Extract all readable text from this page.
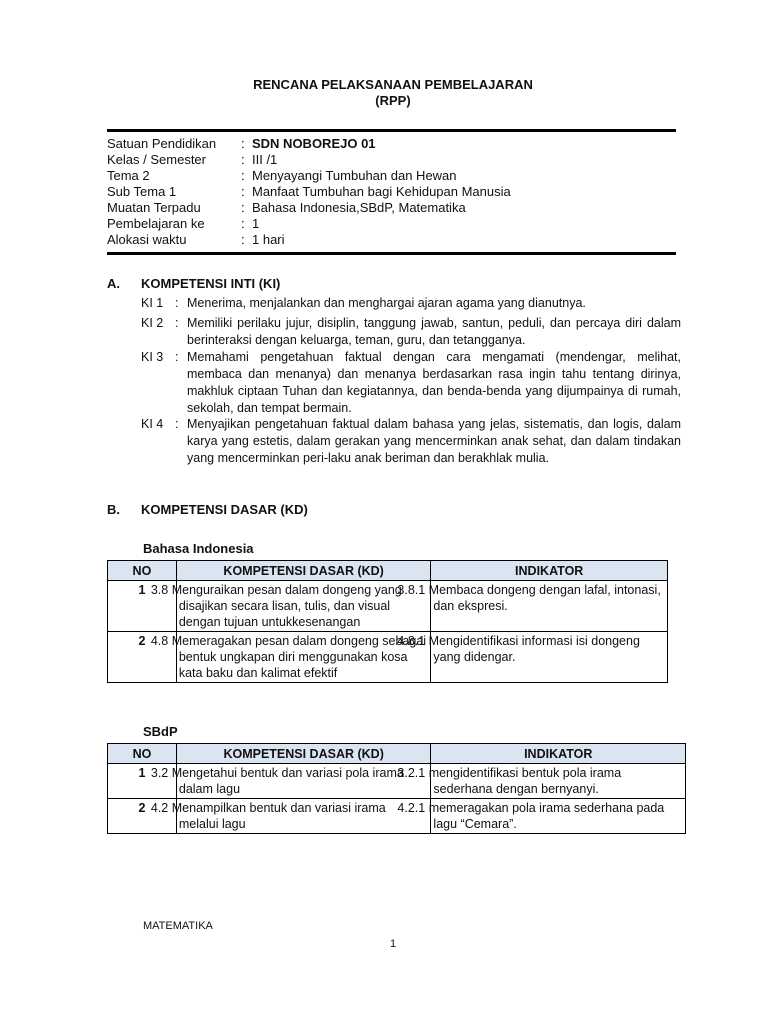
RENCANA PELAKSANAAN PEMBELAJARAN
(RPP)
Satuan Pendidikan : SDN NOBOREJO 01
Kelas / Semester	: III /1
Tema 2	: Menyayangi Tumbuhan dan Hewan
Sub Tema 1	: Manfaat Tumbuhan bagi Kehidupan Manusia
Muatan Terpadu	: Bahasa Indonesia,SBdP, Matematika
Pembelajaran ke	: 1
Alokasi waktu	: 1 hari
A. KOMPETENSI INTI (KI)
KI 1 : Menerima, menjalankan dan menghargai ajaran agama yang dianutnya.
KI 2 : Memiliki perilaku jujur, disiplin, tanggung jawab, santun, peduli, dan percaya diri dalam berinteraksi dengan keluarga, teman, guru, dan tetangganya.
KI 3 : Memahami pengetahuan faktual dengan cara mengamati (mendengar, melihat, membaca dan menanya) dan menanya berdasarkan rasa ingin tahu tentang dirinya, makhluk ciptaan Tuhan dan kegiatannya, dan benda-benda yang dijumpainya di rumah, sekolah, dan tempat bermain.
KI 4 : Menyajikan pengetahuan faktual dalam bahasa yang jelas, sistematis, dan logis, dalam karya yang estetis, dalam gerakan yang mencerminkan anak sehat, dan dalam tindakan yang mencerminkan peri-laku anak beriman dan berakhlak mulia.
B. KOMPETENSI DASAR (KD)
Bahasa Indonesia
NO	KOMPETENSI DASAR (KD)	INDIKATOR
1	3.8 Menguraikan pesan dalam dongeng yang disajikan secara lisan, tulis, dan visual dengan tujuan untukkesenangan	3.8.1 Membaca dongeng dengan lafal, intonasi, dan ekspresi.
2	4.8 Memeragakan pesan dalam dongeng sebagai bentuk ungkapan diri menggunakan kosa kata baku dan kalimat efektif	4.8.1 Mengidentifikasi informasi isi dongeng yang didengar.
SBdP
NO	KOMPETENSI DASAR (KD)	INDIKATOR
1	3.2 Mengetahui bentuk dan variasi pola irama dalam lagu	3.2.1 mengidentifikasi bentuk pola irama sederhana dengan bernyanyi.
2	4.2 Menampilkan bentuk dan variasi irama melalui lagu	4.2.1 memeragakan pola irama sederhana pada lagu “Cemara”.
MATEMATIKA
1
